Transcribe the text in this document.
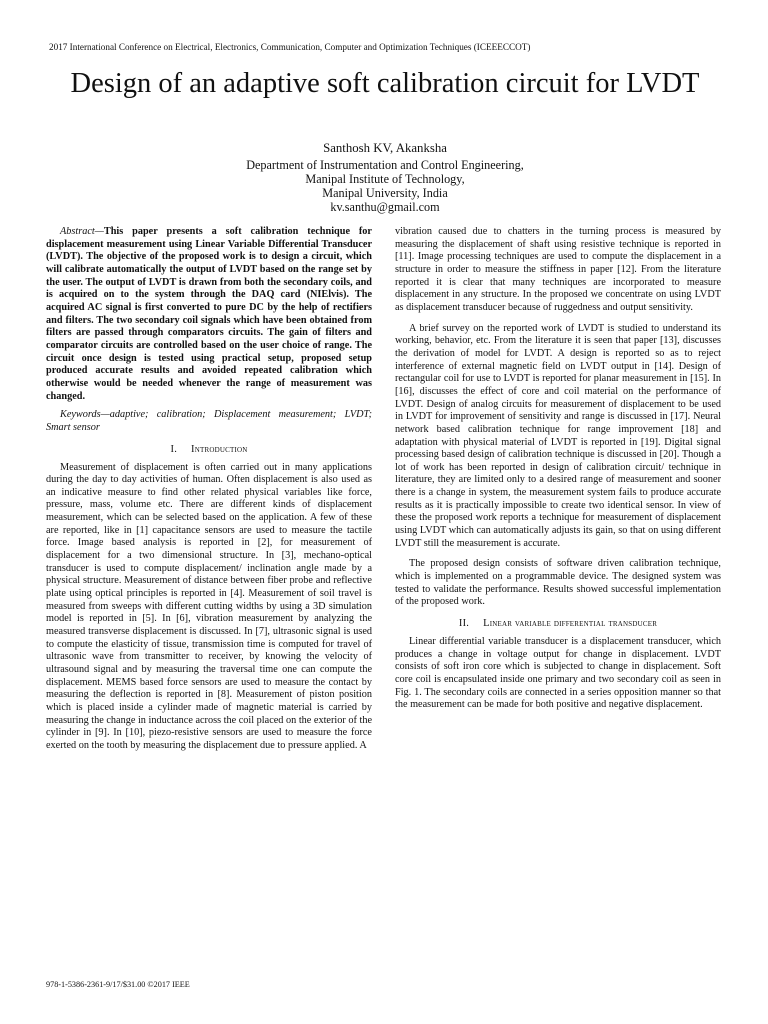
2017 International Conference on Electrical, Electronics, Communication, Computer and Optimization Techniques (ICEEECCOT)
Design of an adaptive soft calibration circuit for LVDT
Santhosh KV, Akanksha
Department of Instrumentation and Control Engineering,
Manipal Institute of Technology,
Manipal University, India
kv.santhu@gmail.com

Abstract—This paper presents a soft calibration technique for displacement measurement using Linear Variable Differential Transducer (LVDT). The objective of the proposed work is to design a circuit, which will calibrate automatically the output of LVDT based on the range set by the user. The output of LVDT is drawn from both the secondary coils, and is acquired on to the system through the DAQ card (NIElvis). The acquired AC signal is first converted to pure DC by the help of rectifiers and filters. The two secondary coil signals which have been obtained from filters are passed through comparators circuits. The gain of filters and comparator circuits are controlled based on the user choice of range. The circuit once design is tested using practical setup, proposed setup produced accurate results and avoided repeated calibration which otherwise would be needed whenever the range of measurement was changed.

Keywords—adaptive; calibration; Displacement measurement; LVDT; Smart sensor

I. Introduction

Measurement of displacement is often carried out in many applications during the day to day activities of human. Often displacement is also used as an indicative measure to find other related physical variables like force, pressure, mass, volume etc. There are different kinds of displacement measurement, which can be selected based on the application. A few of these are reported, like in [1] capacitance sensors are used to measure the tactile force. Image based analysis is reported in [2], for measurement of displacement for a two dimensional structure. In [3], mechano-optical transducer is used to compute displacement/ inclination angle made by a physical structure. Measurement of distance between fiber probe and reflective plate using optical principles is reported in [4]. Measurement of soil travel is measured from sweeps with different cutting widths by using a 3D simulation model is reported in [5]. In [6], vibration measurement by analyzing the measured transverse displacement is discussed. In [7], ultrasonic signal is used to compute the elasticity of tissue, transmission time is computed for travel of ultrasonic wave from transmitter to receiver, by knowing the velocity of ultrasound signal and by measuring the traversal time one can compute the displacement. MEMS based force sensors are used to measure the contact by measuring the deflection is reported in [8]. Measurement of piston position which is placed inside a cylinder made of magnetic material is carried by measuring the change in inductance across the coil placed on the exterior of the cylinder in [9]. In [10], piezo-resistive sensors are used to measure the force exerted on the tooth by measuring the displacement due to pressure applied. A

vibration caused due to chatters in the turning process is measured by measuring the displacement of shaft using resistive technique is reported in [11]. Image processing techniques are used to compute the displacement in a structure in order to measure the stiffness in paper [12]. From the literature reported it is clear that many techniques are incorporated to measure displacement in any structure. In the proposed we concentrate on using LVDT as displacement transducer because of ruggedness and output sensitivity.

A brief survey on the reported work of LVDT is studied to understand its working, behavior, etc. From the literature it is seen that paper [13], discusses the derivation of model for LVDT. A design is reported so as to reject interference of external magnetic field on LVDT output in [14]. Design of rectangular coil for use to LVDT is reported for planar measurement in [15]. In [16], discusses the effect of core and coil material on the performance of LVDT. Design of analog circuits for measurement of displacement to be used in LVDT for improvement of sensitivity and range is discussed in [17]. Neural network based calibration technique for range improvement [18] and adaptation with physical material of LVDT is reported in [19]. Digital signal processing based design of calibration technique is discussed in [20]. Though a lot of work has been reported in design of calibration circuit/ technique in literature, they are limited only to a desired range of measurement and sooner there is a change in system, the measurement system fails to produce accurate results as it is practically impossible to create two identical sensor. In view of these the proposed work reports a technique for measurement of displacement using LVDT which can automatically adjusts its gain, so that on using different LVDT still the measurement is accurate.

The proposed design consists of software driven calibration technique, which is implemented on a programmable device. The designed system was tested to validate the performance. Results showed successful implementation of the proposed work.

II. Linear variable differential transducer

Linear differential variable transducer is a displacement transducer, which produces a change in voltage output for change in displacement. LVDT consists of soft iron core which is subjected to change in displacement. Soft core coil is encapsulated inside one primary and two secondary coil as seen in Fig. 1. The secondary coils are connected in a series opposition manner so that the measurement can be made for both positive and negative displacement.

978-1-5386-2361-9/17/$31.00 ©2017 IEEE
